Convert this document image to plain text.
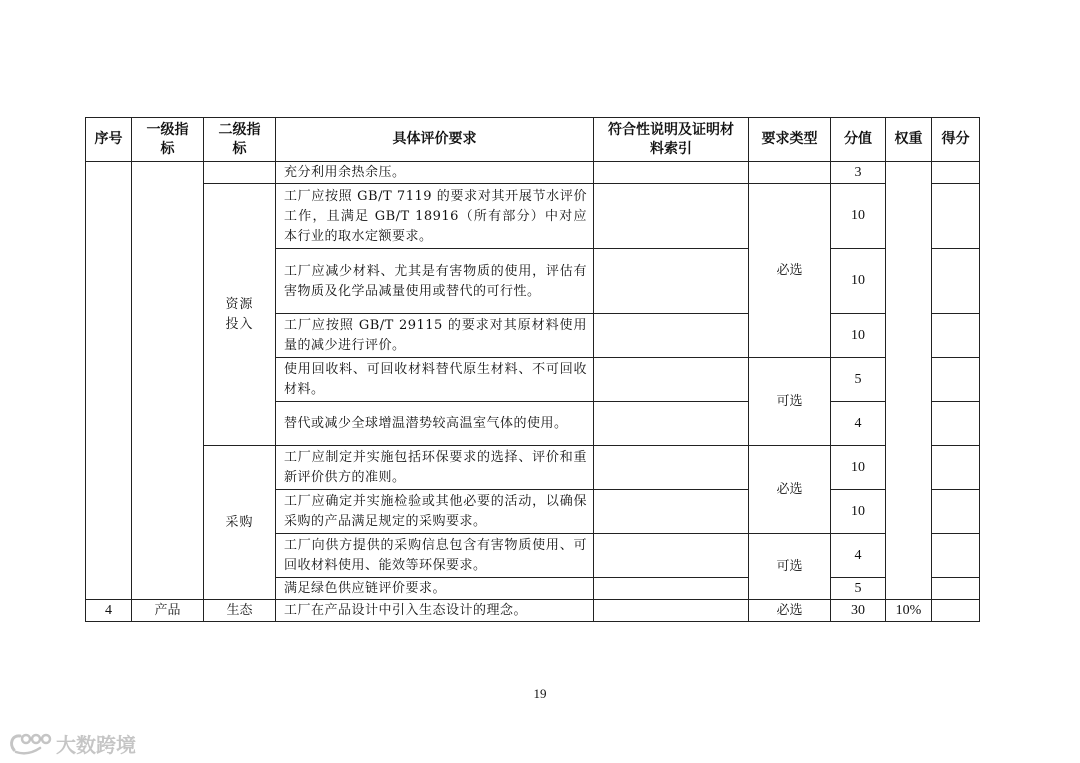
序号	一级指标	二级指标	具体评价要求	符合性说明及证明材料索引	要求类型	分值	权重	得分
			充分利用余热余压。			3		
		资源投入	工厂应按照 GB/T 7119 的要求对其开展节水评价工作，且满足 GB/T 18916（所有部分）中对应本行业的取水定额要求。		必选	10		
			工厂应减少材料、尤其是有害物质的使用，评估有害物质及化学品减量使用或替代的可行性。			10		
			工厂应按照 GB/T 29115 的要求对其原材料使用量的减少进行评价。			10		
			使用回收料、可回收材料替代原生材料、不可回收材料。		可选	5		
			替代或减少全球增温潜势较高温室气体的使用。			4		
		采购	工厂应制定并实施包括环保要求的选择、评价和重新评价供方的准则。		必选	10		
			工厂应确定并实施检验或其他必要的活动，以确保采购的产品满足规定的采购要求。			10		
			工厂向供方提供的采购信息包含有害物质使用、可回收材料使用、能效等环保要求。		可选	4		
			满足绿色供应链评价要求。			5		
4	产品	生态	工厂在产品设计中引入生态设计的理念。		必选	30	10%	
19
大数跨境
